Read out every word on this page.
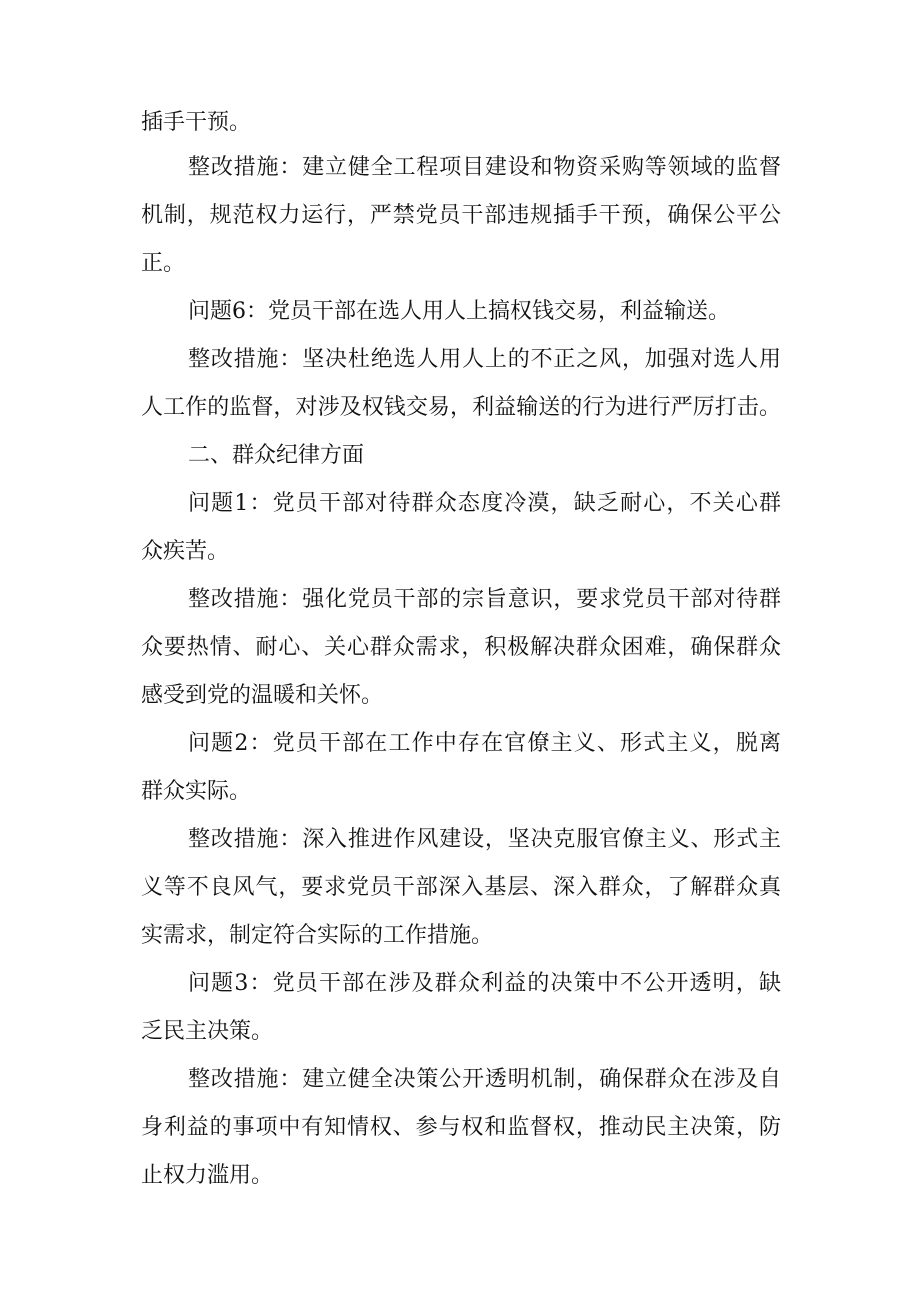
插手干预。
整改措施：建立健全工程项目建设和物资采购等领域的监督
机制，规范权力运行，严禁党员干部违规插手干预，确保公平公
正。
问题6：党员干部在选人用人上搞权钱交易，利益输送。
整改措施：坚决杜绝选人用人上的不正之风，加强对选人用
人工作的监督，对涉及权钱交易，利益输送的行为进行严厉打击。
二、群众纪律方面
问题1：党员干部对待群众态度冷漠，缺乏耐心，不关心群
众疾苦。
整改措施：强化党员干部的宗旨意识，要求党员干部对待群
众要热情、耐心、关心群众需求，积极解决群众困难，确保群众
感受到党的温暖和关怀。
问题2：党员干部在工作中存在官僚主义、形式主义，脱离
群众实际。
整改措施：深入推进作风建设，坚决克服官僚主义、形式主
义等不良风气，要求党员干部深入基层、深入群众，了解群众真
实需求，制定符合实际的工作措施。
问题3：党员干部在涉及群众利益的决策中不公开透明，缺
乏民主决策。
整改措施：建立健全决策公开透明机制，确保群众在涉及自
身利益的事项中有知情权、参与权和监督权，推动民主决策，防
止权力滥用。
